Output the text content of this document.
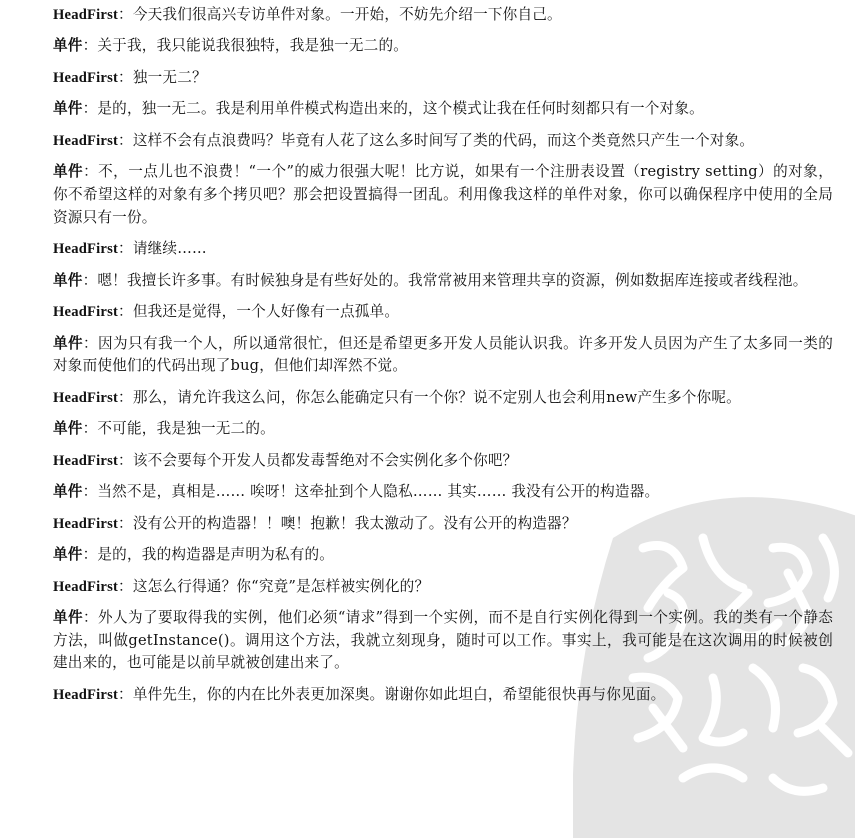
HeadFirst：今天我们很高兴专访单件对象。一开始，不妨先介绍一下你自己。
单件：关于我，我只能说我很独特，我是独一无二的。
HeadFirst：独一无二？
单件：是的，独一无二。我是利用单件模式构造出来的，这个模式让我在任何时刻都只有一个对象。
HeadFirst：这样不会有点浪费吗？毕竟有人花了这么多时间写了类的代码，而这个类竟然只产生一个对象。
单件：不，一点儿也不浪费！“一个”的威力很强大呢！比方说，如果有一个注册表设置（registry setting）的对象，你不希望这样的对象有多个拷贝吧？那会把设置搞得一团乱。利用像我这样的单件对象，你可以确保程序中使用的全局资源只有一份。
HeadFirst：请继续……
单件：嗯！我擅长许多事。有时候独身是有些好处的。我常常被用来管理共享的资源，例如数据库连接或者线程池。
HeadFirst：但我还是觉得，一个人好像有一点孤单。
单件：因为只有我一个人，所以通常很忙，但还是希望更多开发人员能认识我。许多开发人员因为产生了太多同一类的对象而使他们的代码出现了bug，但他们却浑然不觉。
HeadFirst：那么，请允许我这么问，你怎么能确定只有一个你？说不定别人也会利用new产生多个你呢。
单件：不可能，我是独一无二的。
HeadFirst：该不会要每个开发人员都发毒誓绝对不会实例化多个你吧？
单件：当然不是，真相是…… 唉呀！这牵扯到个人隐私…… 其实…… 我没有公开的构造器。
HeadFirst：没有公开的构造器！！噢！抱歉！我太激动了。没有公开的构造器？
单件：是的，我的构造器是声明为私有的。
HeadFirst：这怎么行得通？你“究竟”是怎样被实例化的？
单件：外人为了要取得我的实例，他们必须“请求”得到一个实例，而不是自行实例化得到一个实例。我的类有一个静态方法，叫做getInstance()。调用这个方法，我就立刻现身，随时可以工作。事实上，我可能是在这次调用的时候被创建出来的，也可能是以前早就被创建出来了。
HeadFirst：单件先生，你的内在比外表更加深奥。谢谢你如此坦白，希望能很快再与你见面。
